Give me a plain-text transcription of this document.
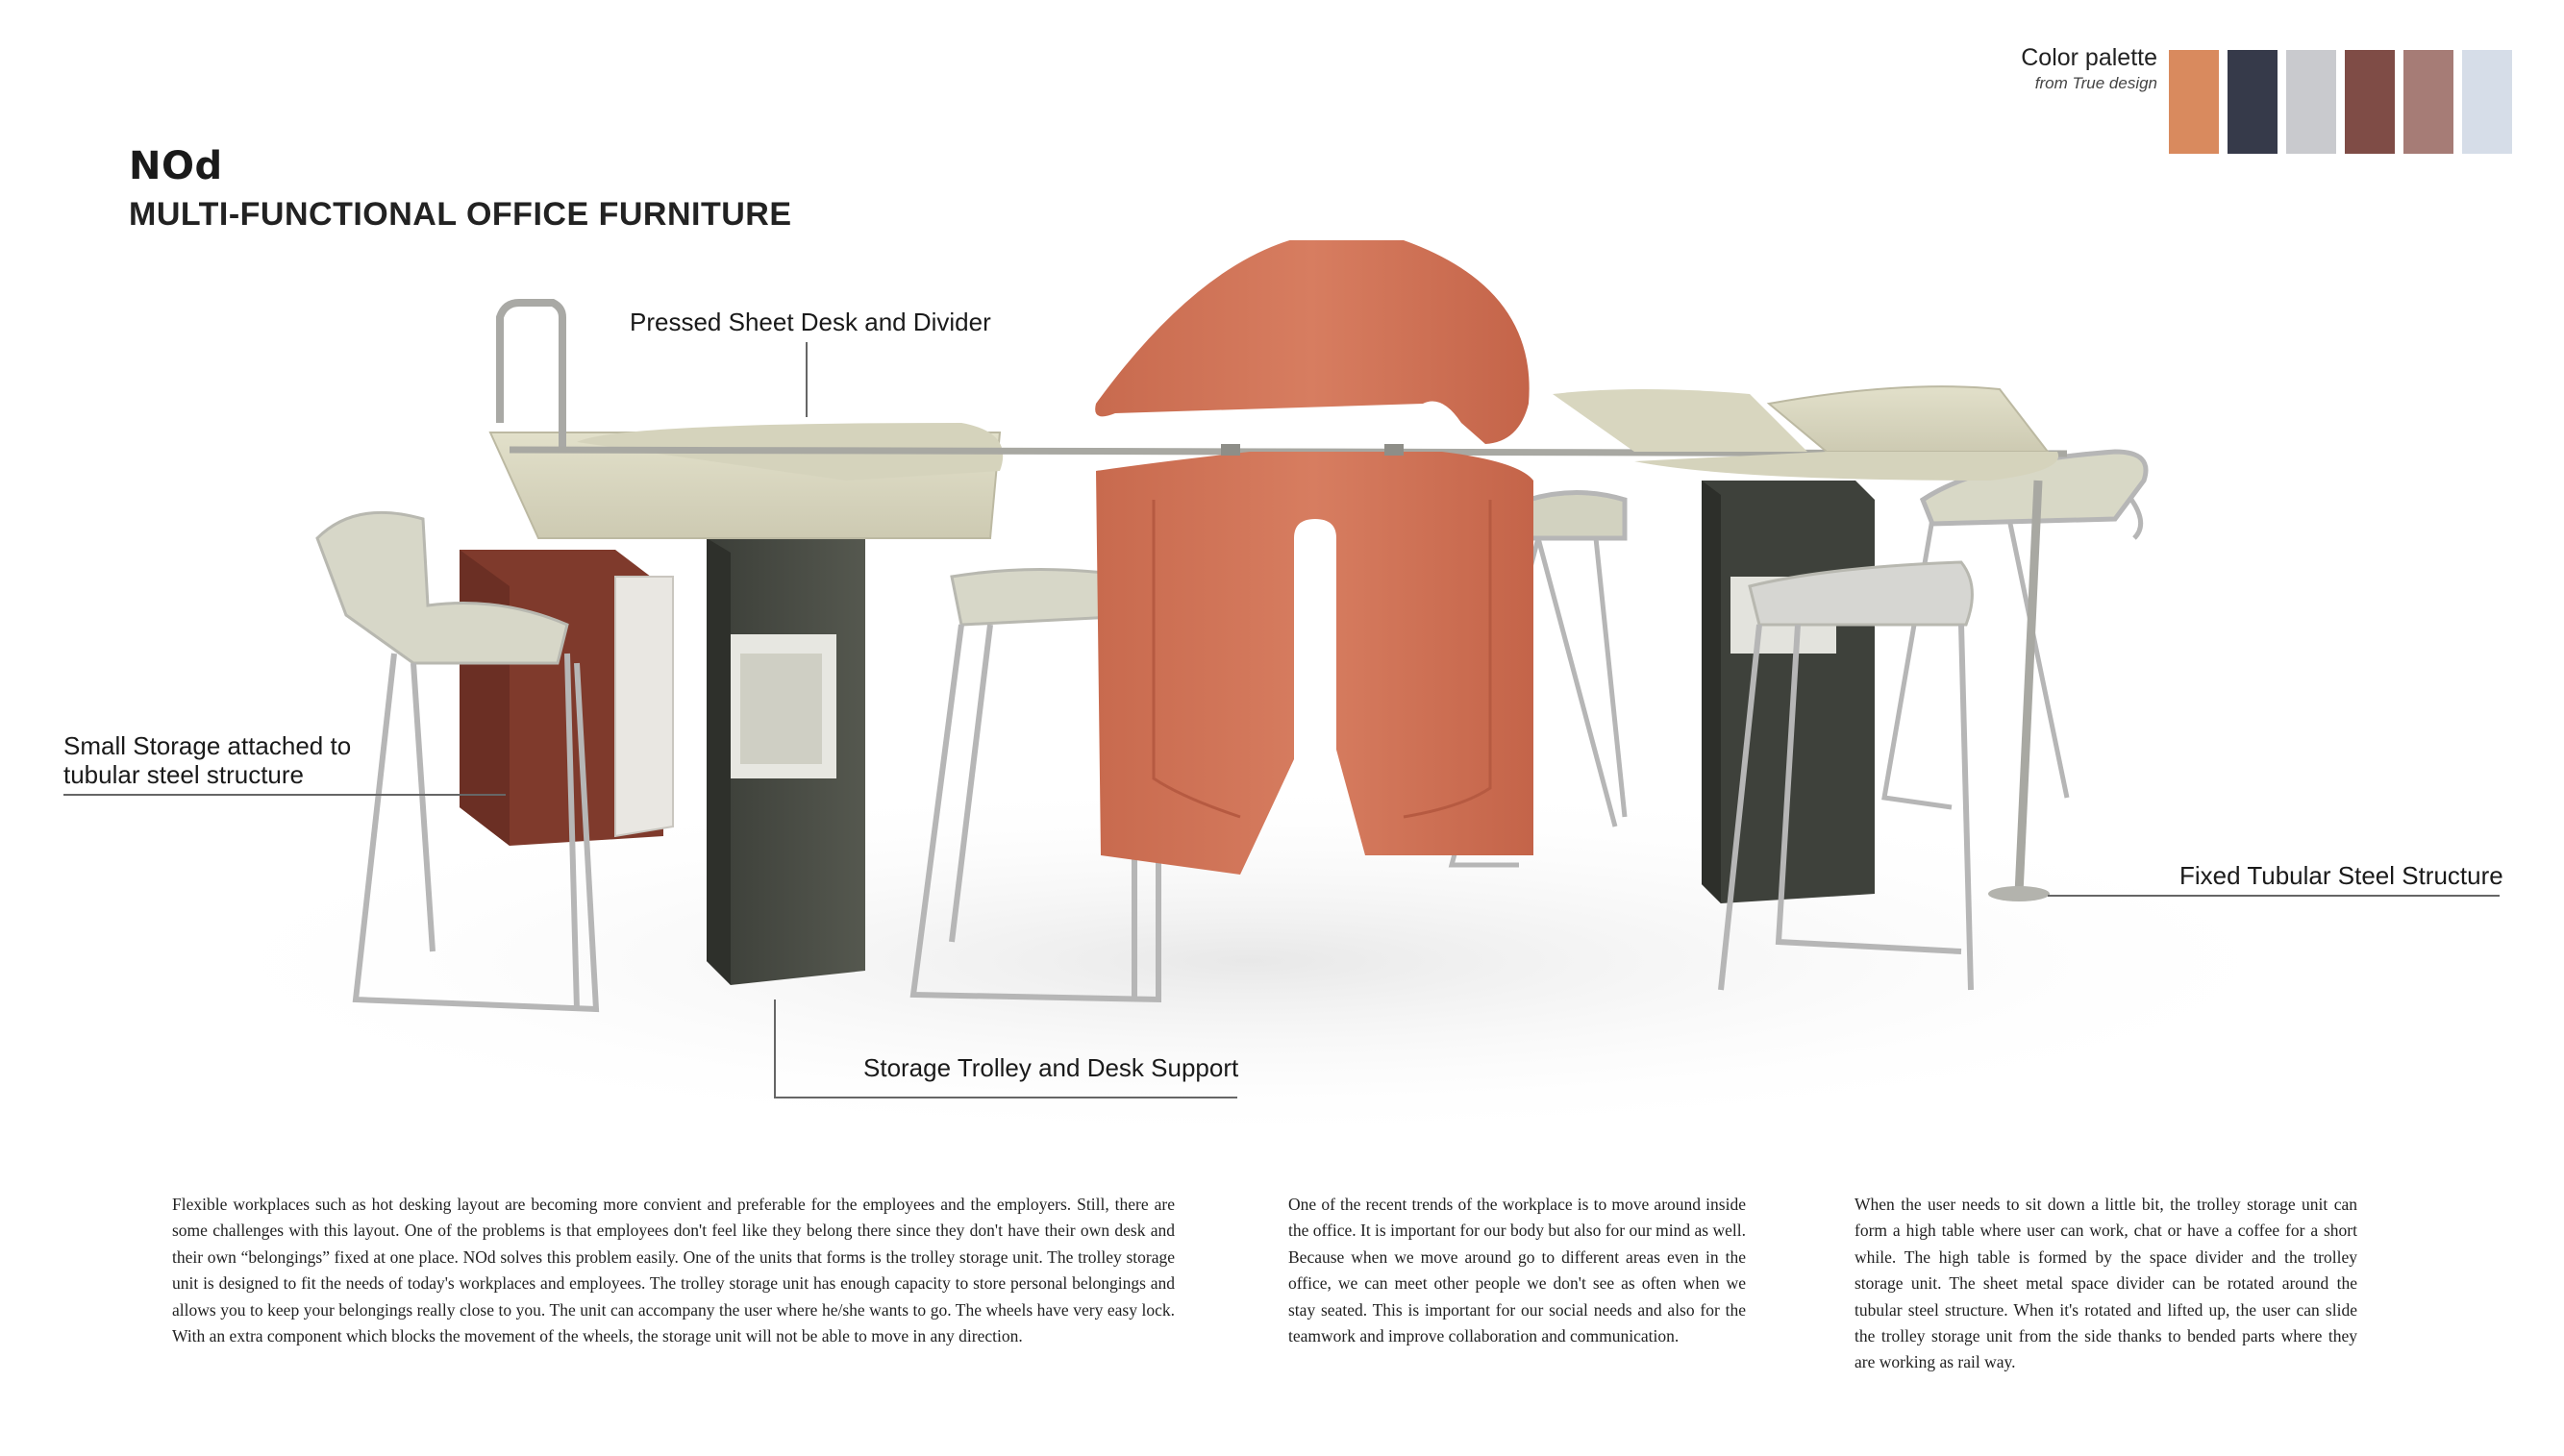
NOd
MULTI-FUNCTIONAL OFFICE FURNITURE
Color palette
from True design
Pressed Sheet Desk and Divider
Small Storage attached to
tubular steel structure
Storage Trolley and Desk Support
Fixed Tubular Steel Structure

Flexible workplaces such as hot desking layout are becoming more convient and preferable for the employees and the employers. Still, there are some challenges with this layout. One of the problems is that employees don't feel like they belong there since they don't have their own desk and their own “belongings” fixed at one place. NOd solves this problem easily. One of the units that forms is the trolley storage unit. The trolley storage unit is designed to fit the needs of today's workplaces and employees. The trolley storage unit has enough capacity to store personal belongings and allows you to keep your belongings really close to you. The unit can accompany the user where he/she wants to go. The wheels have very easy lock. With an extra component which blocks the movement of the wheels, the storage unit will not be able to move in any direction.

One of the recent trends of the workplace is to move around inside the office. It is important for our body but also for our mind as well. Because when we move around go to different areas even in the office, we can meet other people we don't see as often when we stay seated. This is important for our social needs and also for the teamwork and improve collaboration and communication.

When the user needs to sit down a little bit, the trolley storage unit can form a high table where user can work, chat or have a coffee for a short while. The high table is formed by the space divider and the trolley storage unit. The sheet metal space divider can be rotated around the tubular steel structure. When it's rotated and lifted up, the user can slide the trolley storage unit from the side thanks to bended parts where they are working as rail way.
